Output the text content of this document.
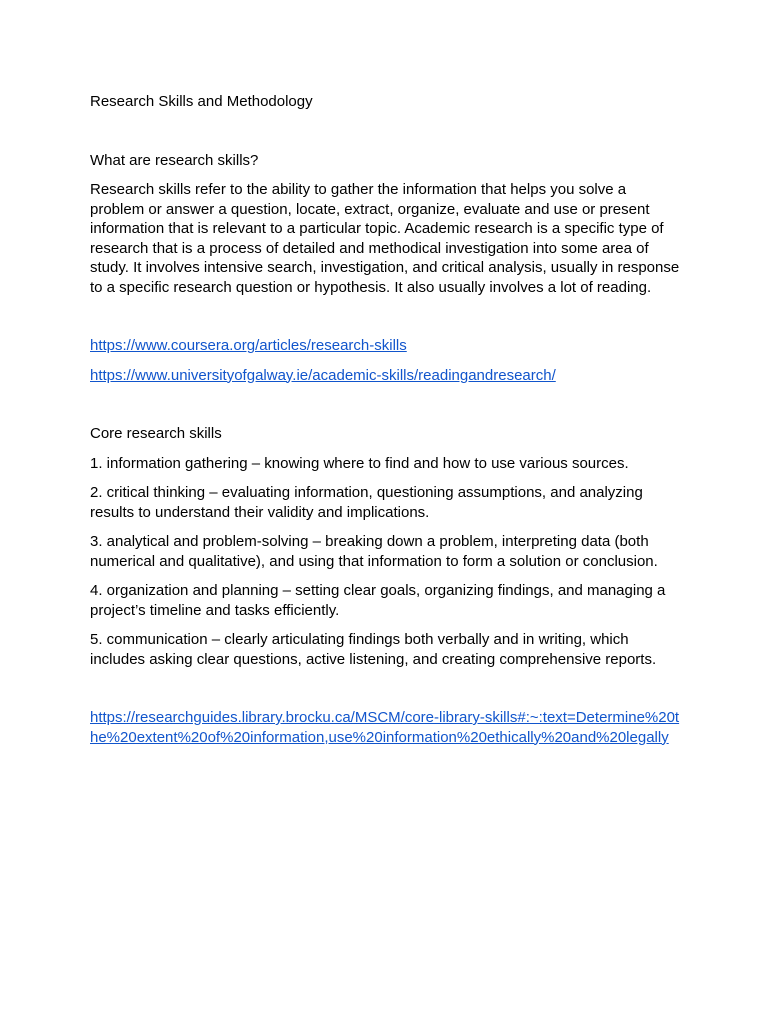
Research Skills and Methodology

What are research skills?

Research skills refer to the ability to gather the information that helps you solve a problem or answer a question, locate, extract, organize, evaluate and use or present information that is relevant to a particular topic. Academic research is a specific type of research that is a process of detailed and methodical investigation into some area of study. It involves intensive search, investigation, and critical analysis, usually in response to a specific research question or hypothesis. It also usually involves a lot of reading.

https://www.coursera.org/articles/research-skills
https://www.universityofgalway.ie/academic-skills/readingandresearch/

Core research skills

1. information gathering – knowing where to find and how to use various sources.

2. critical thinking – evaluating information, questioning assumptions, and analyzing results to understand their validity and implications.

3. analytical and problem-solving – breaking down a problem, interpreting data (both numerical and qualitative), and using that information to form a solution or conclusion.

4. organization and planning – setting clear goals, organizing findings, and managing a project’s timeline and tasks efficiently.

5. communication – clearly articulating findings both verbally and in writing, which includes asking clear questions, active listening, and creating comprehensive reports.

https://researchguides.library.brocku.ca/MSCM/core-library-skills#:~:text=Determine%20the%20extent%20of%20information,use%20information%20ethically%20and%20legally
